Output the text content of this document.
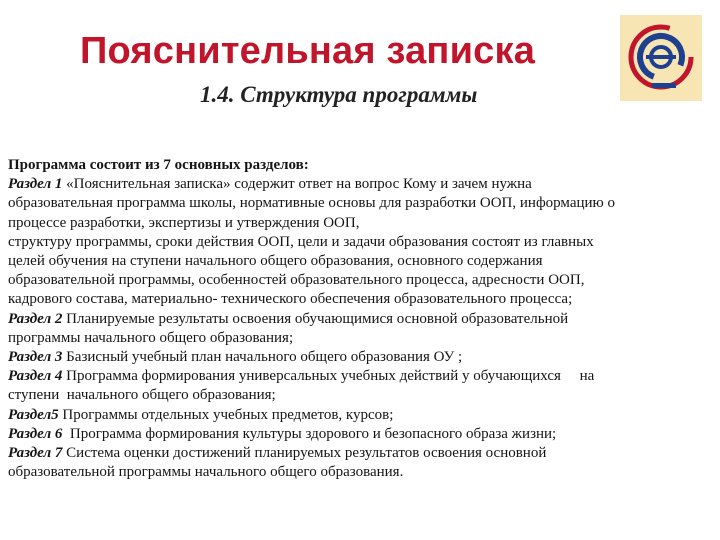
Пояснительная записка
1.4. Структура программы
Программа состоит из 7 основных разделов:
Раздел 1 «Пояснительная записка» содержит ответ на вопрос Кому и зачем нужна
образовательная программа школы, нормативные основы для разработки ООП, информацию о
процессе разработки, экспертизы и утверждения ООП,
структуру программы, сроки действия ООП, цели и задачи образования состоят из главных
целей обучения на ступени начального общего образования, основного содержания
образовательной программы, особенностей образовательного процесса, адресности ООП,
кадрового состава, материально- технического обеспечения образовательного процесса;
Раздел 2 Планируемые результаты освоения обучающимися основной образовательной
программы начального общего образования;
Раздел 3 Базисный учебный план начального общего образования ОУ ;
Раздел 4 Программа формирования универсальных учебных действий у обучающихся     на
ступени  начального общего образования;
Раздел5 Программы отдельных учебных предметов, курсов;
Раздел 6  Программа формирования культуры здорового и безопасного образа жизни;
Раздел 7 Система оценки достижений планируемых результатов освоения основной
образовательной программы начального общего образования.
